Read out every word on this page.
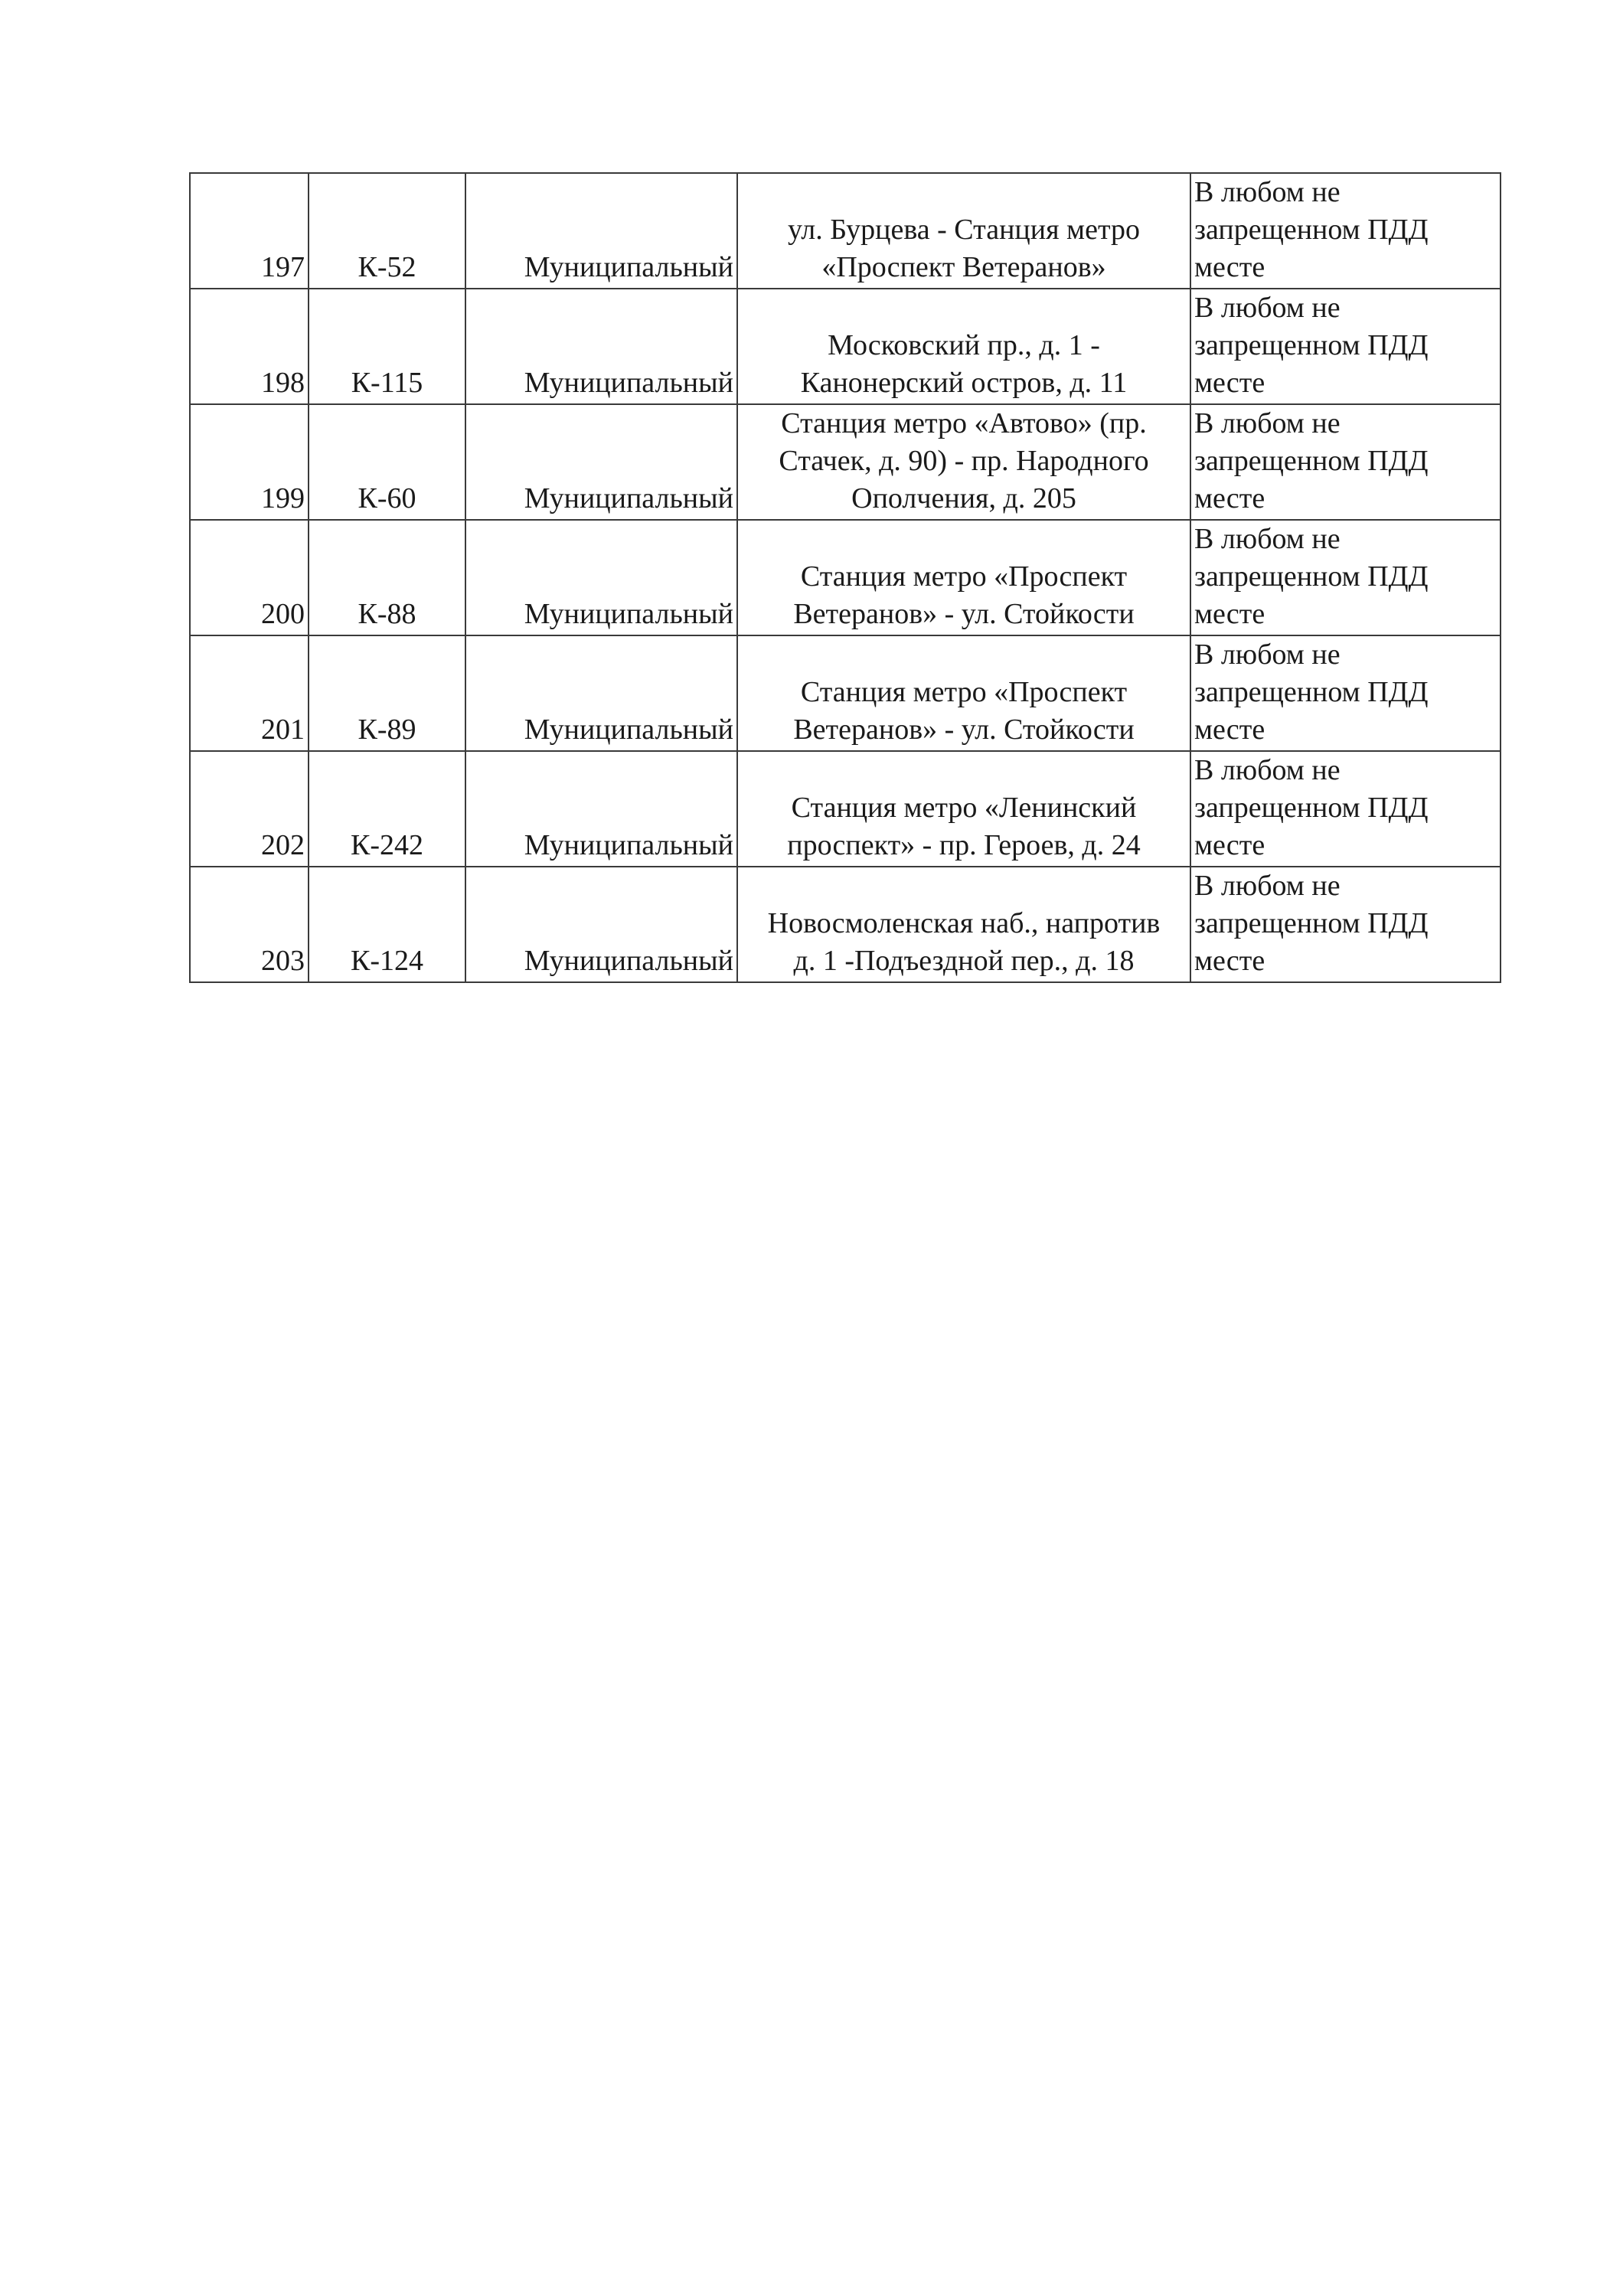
197	К-52	Муниципальный	ул. Бурцева - Станция метро
«Проспект Ветеранов»	В любом не
запрещенном ПДД
месте
198	К-115	Муниципальный	Московский пр., д. 1 -
Канонерский остров, д. 11	В любом не
запрещенном ПДД
месте
199	К-60	Муниципальный	Станция метро «Автово» (пр.
Стачек, д. 90) - пр. Народного
Ополчения, д. 205	В любом не
запрещенном ПДД
месте
200	К-88	Муниципальный	Станция метро «Проспект
Ветеранов» - ул. Стойкости	В любом не
запрещенном ПДД
месте
201	К-89	Муниципальный	Станция метро «Проспект
Ветеранов» - ул. Стойкости	В любом не
запрещенном ПДД
месте
202	К-242	Муниципальный	Станция метро «Ленинский
проспект» - пр. Героев, д. 24	В любом не
запрещенном ПДД
месте
203	К-124	Муниципальный	Новосмоленская наб., напротив
д. 1 -Подъездной пер., д. 18	В любом не
запрещенном ПДД
месте
